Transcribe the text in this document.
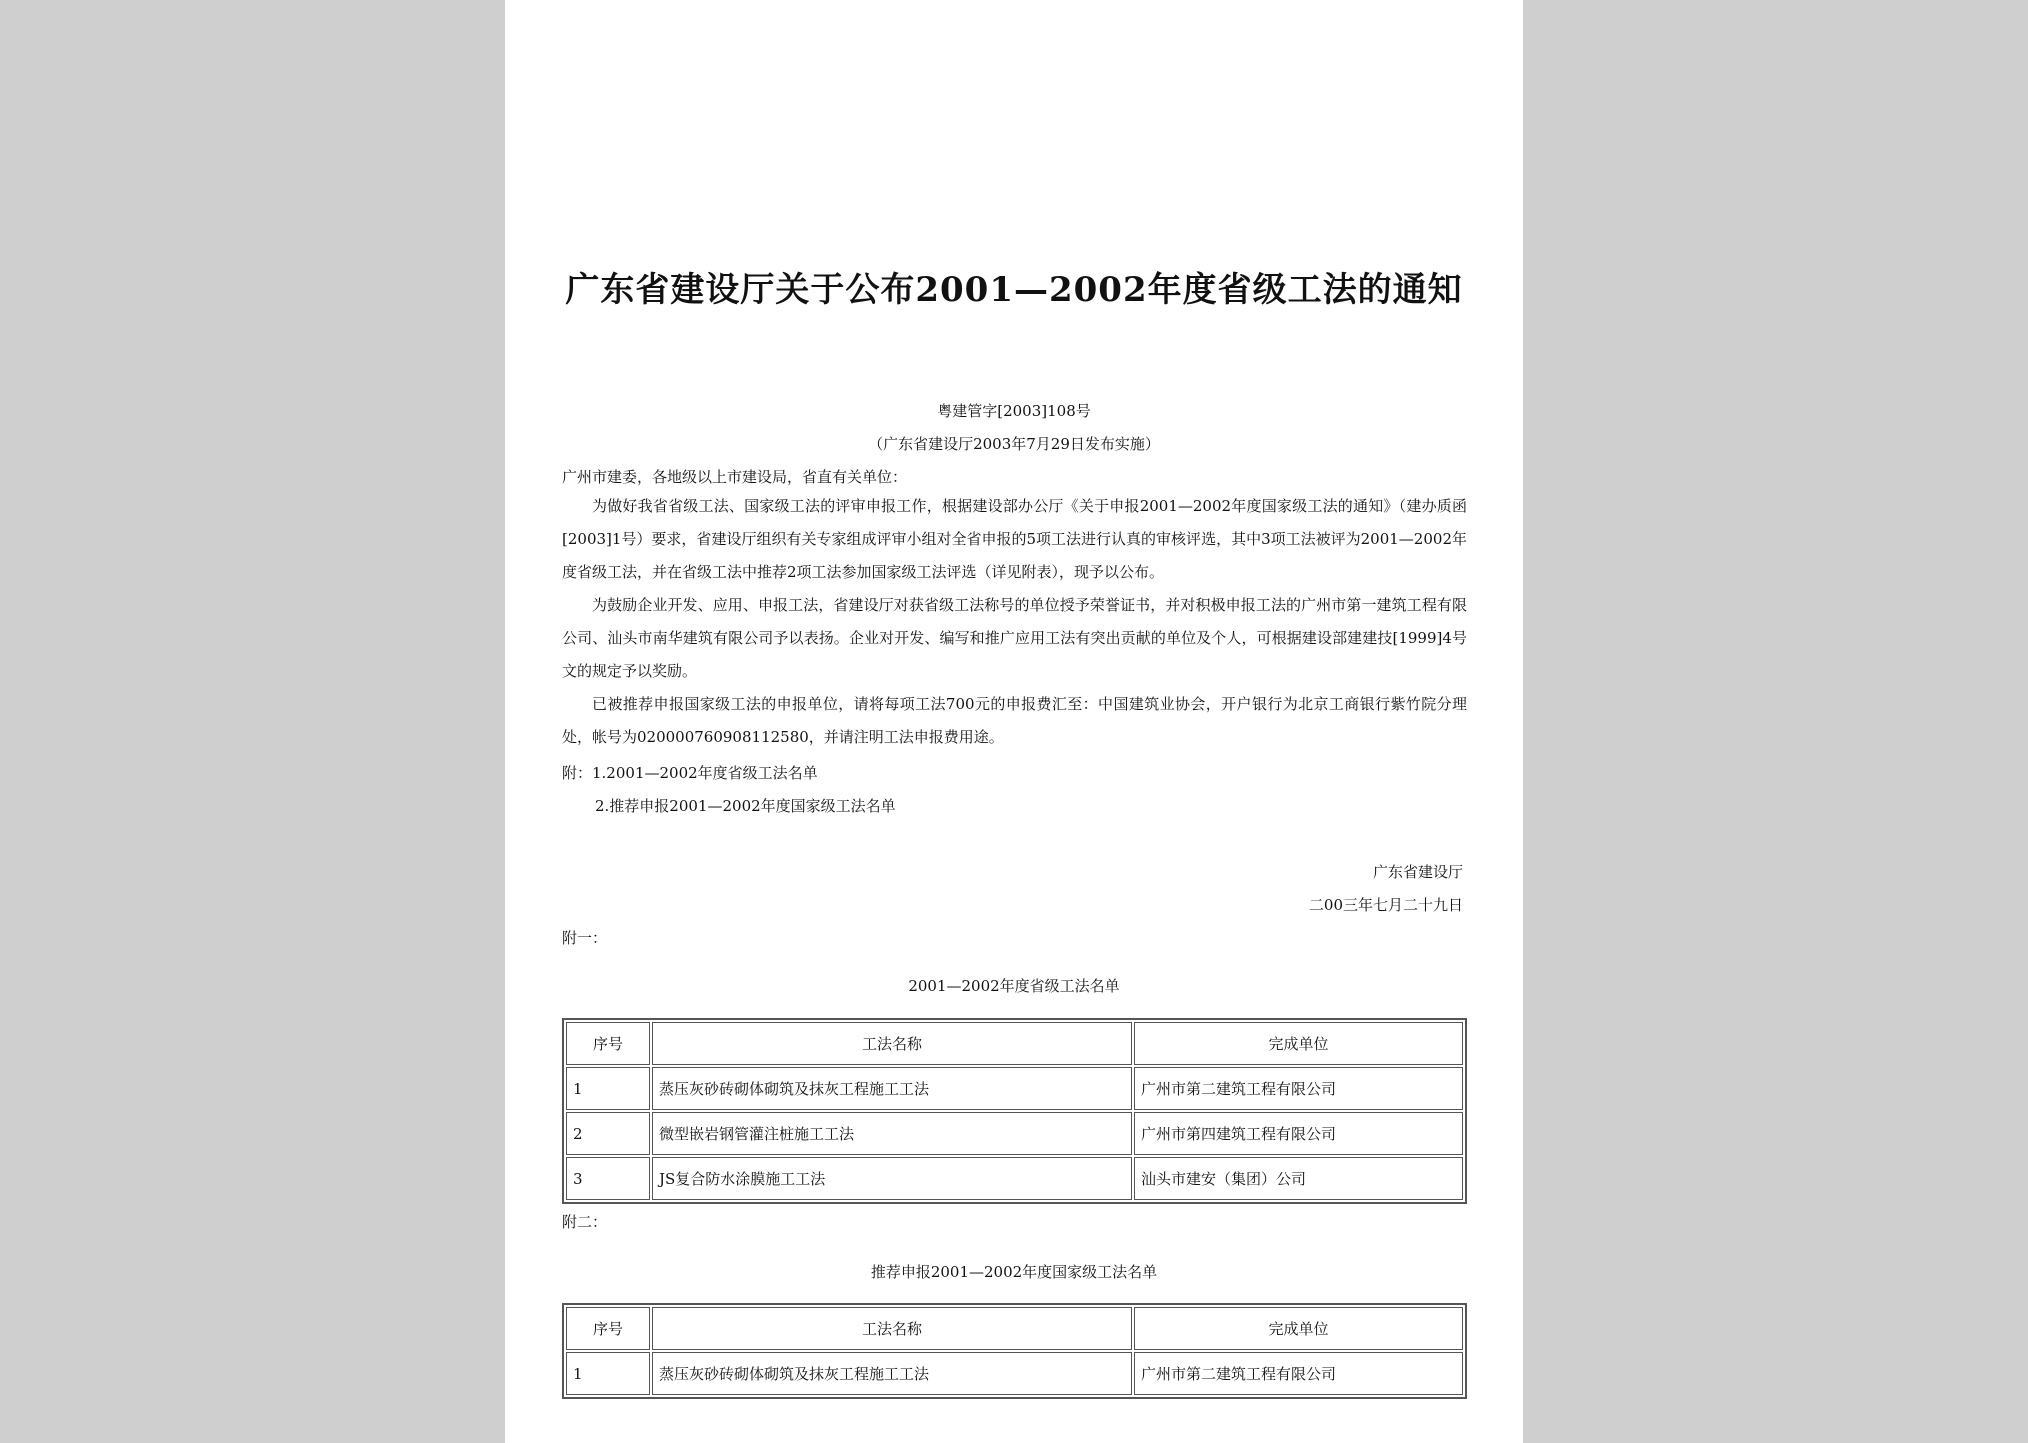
广东省建设厅关于公布2001—2002年度省级工法的通知
粤建管字[2003]108号
（广东省建设厅2003年7月29日发布实施）
广州市建委，各地级以上市建设局，省直有关单位：
为做好我省省级工法、国家级工法的评审申报工作，根据建设部办公厅《关于申报2001—2002年度国家级工法的通知》（建办质函[2003]1号）要求，省建设厅组织有关专家组成评审小组对全省申报的5项工法进行认真的审核评选，其中3项工法被评为2001—2002年度省级工法，并在省级工法中推荐2项工法参加国家级工法评选（详见附表），现予以公布。
为鼓励企业开发、应用、申报工法，省建设厅对获省级工法称号的单位授予荣誉证书，并对积极申报工法的广州市第一建筑工程有限公司、汕头市南华建筑有限公司予以表扬。企业对开发、编写和推广应用工法有突出贡献的单位及个人，可根据建设部建建技[1999]4号文的规定予以奖励。
已被推荐申报国家级工法的申报单位，请将每项工法700元的申报费汇至：中国建筑业协会，开户银行为北京工商银行紫竹院分理处，帐号为020000760908112580，并请注明工法申报费用途。
附：1.2001—2002年度省级工法名单
2.推荐申报2001—2002年度国家级工法名单
广东省建设厅
二00三年七月二十九日
附一：
2001—2002年度省级工法名单
序号	工法名称	完成单位
1	蒸压灰砂砖砌体砌筑及抹灰工程施工工法	广州市第二建筑工程有限公司
2	微型嵌岩钢管灌注桩施工工法	广州市第四建筑工程有限公司
3	JS复合防水涂膜施工工法	汕头市建安（集团）公司
附二：
推荐申报2001—2002年度国家级工法名单
序号	工法名称	完成单位
1	蒸压灰砂砖砌体砌筑及抹灰工程施工工法	广州市第二建筑工程有限公司
